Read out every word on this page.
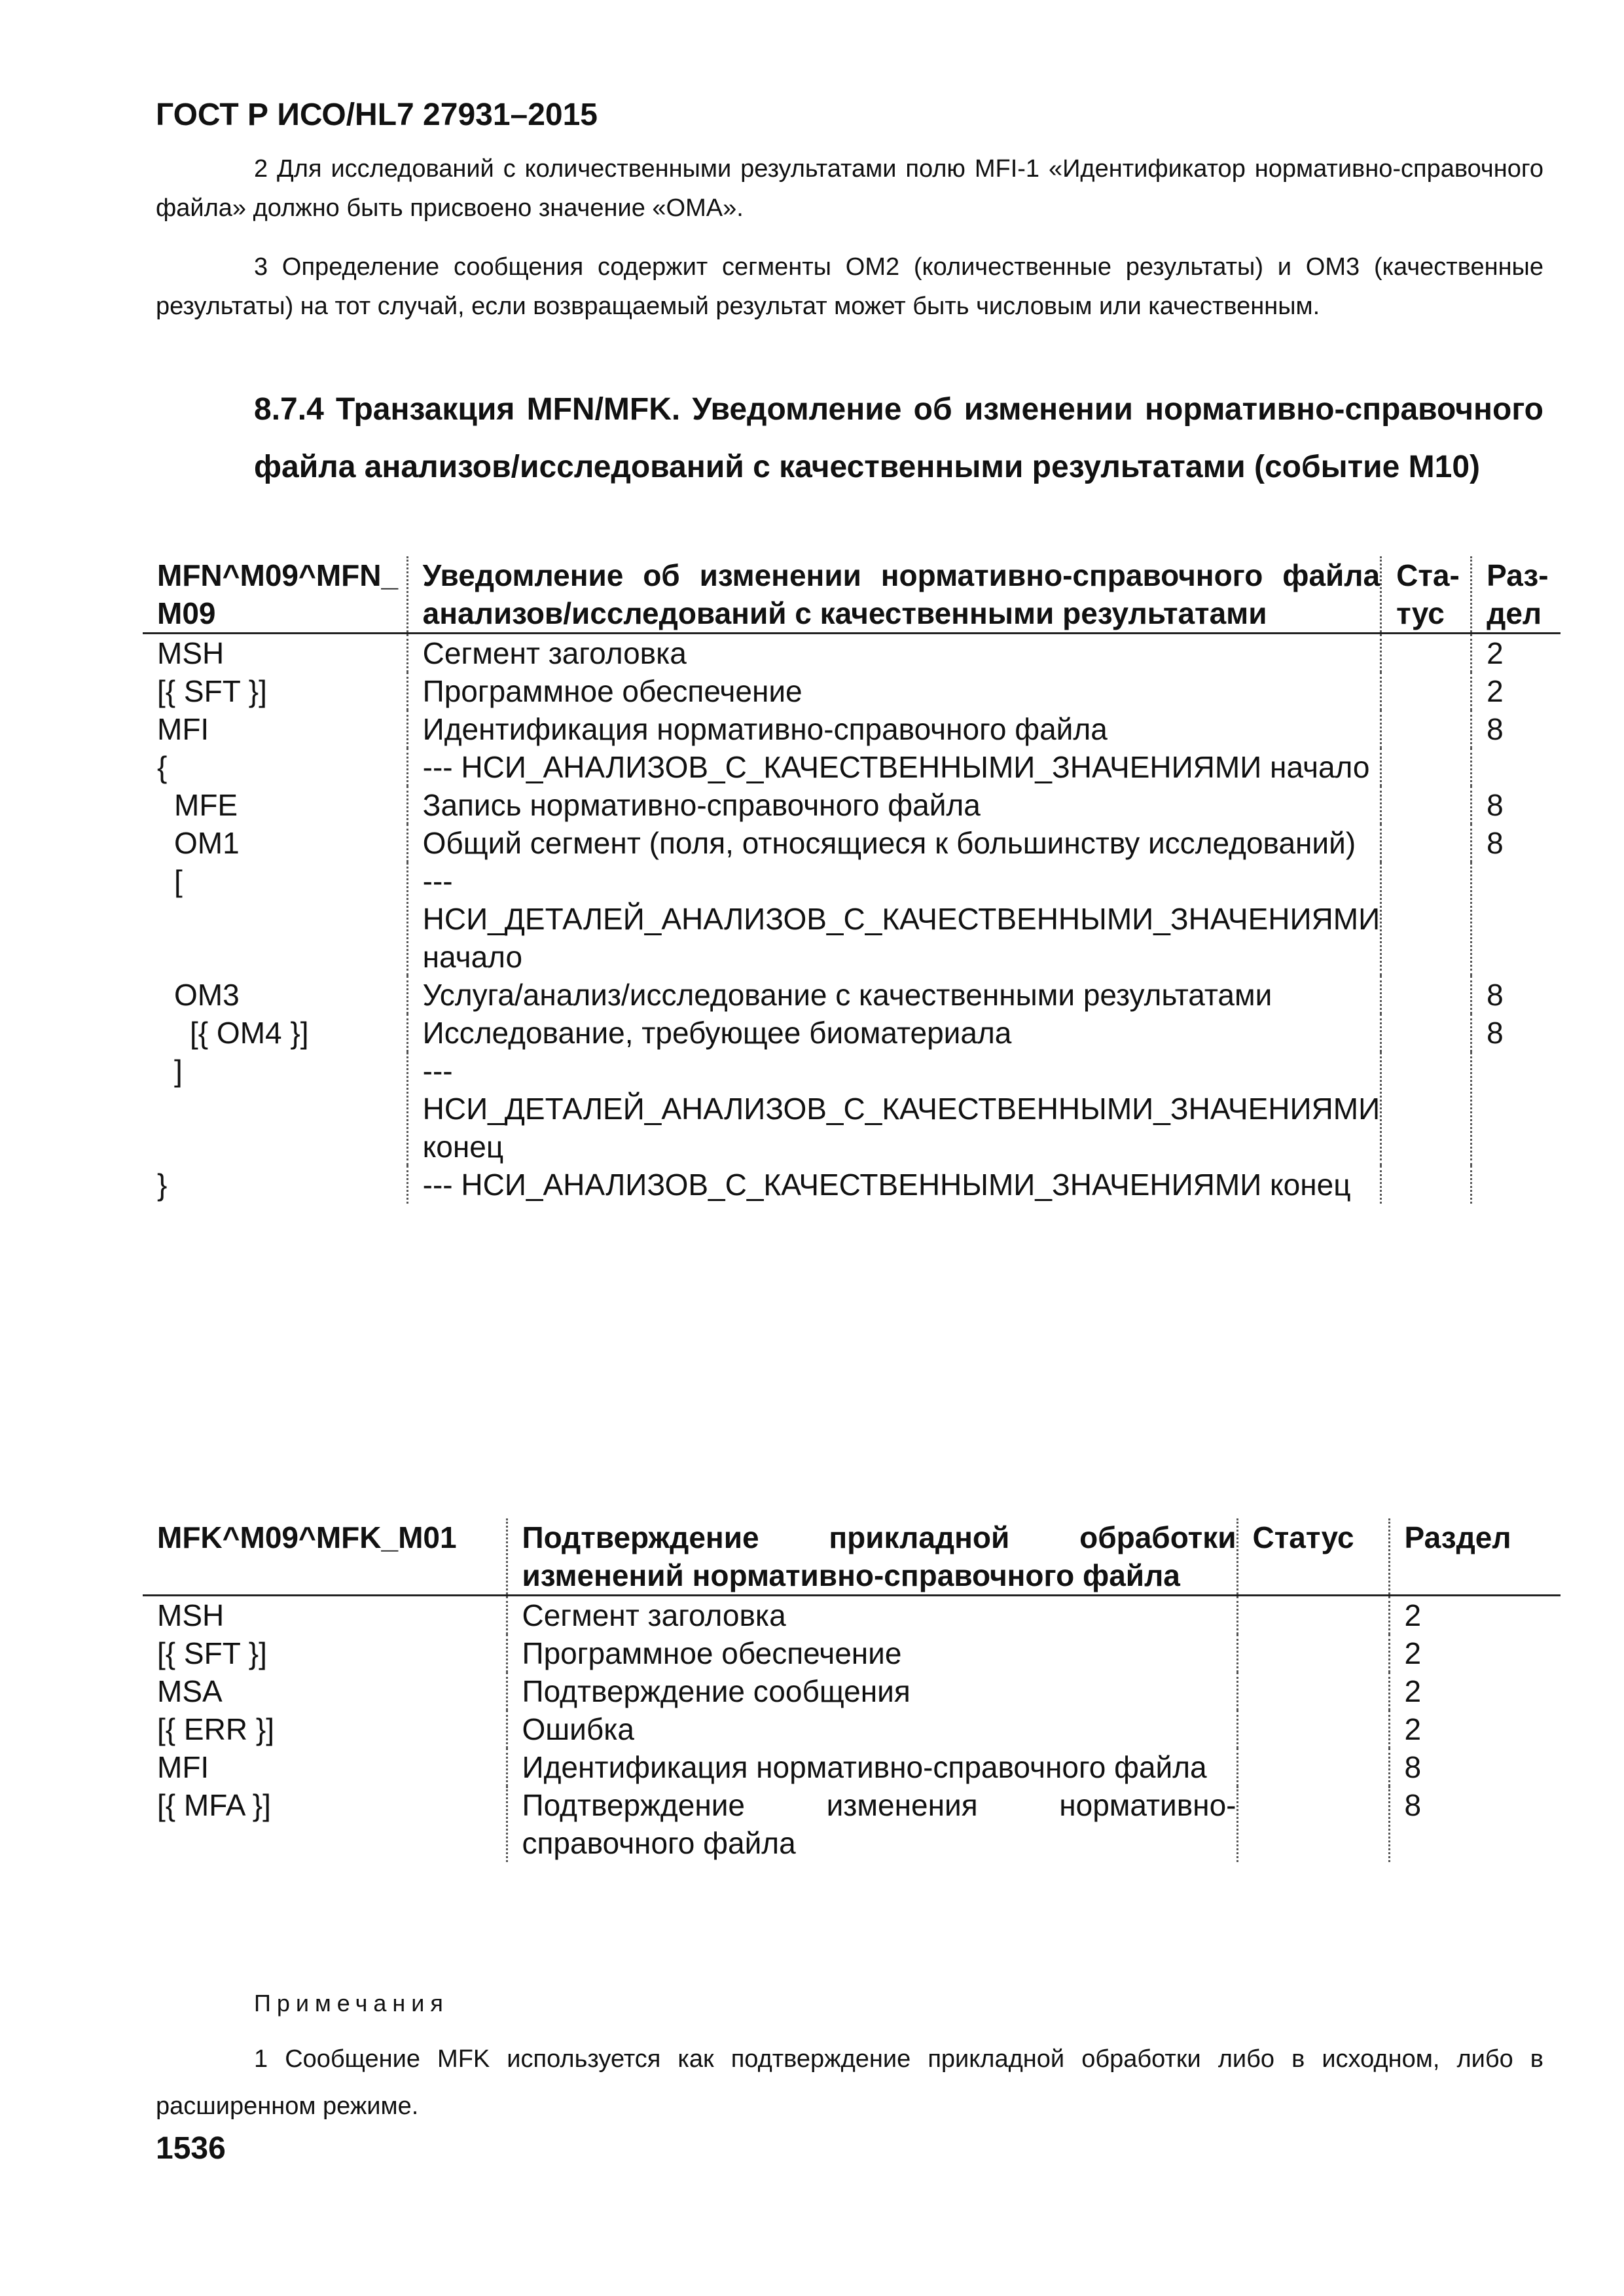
ГОСТ Р ИСО/HL7 27931–2015
2 Для исследований с количественными результатами полю MFI-1 «Идентификатор нормативно-справочного файла» должно быть присвоено значение «OMA».
3 Определение сообщения содержит сегменты OM2 (количественные результаты) и OM3 (качественные результаты) на тот случай, если возвращаемый результат может быть числовым или качественным.
8.7.4 Транзакция MFN/MFK. Уведомление об изменении нормативно-справочного файла анализов/исследований с качественными результатами (событие M10)
MFN^M09^MFN_ M09	Уведомление об изменении нормативно-справочного файла анализов/исследований с качественными результатами	Ста-тус	Раз-дел
MSH	Сегмент заголовка		2
[{ SFT }]	Программное обеспечение		2
MFI	Идентификация нормативно-справочного файла		8
{	--- НСИ_АНАЛИЗОВ_С_КАЧЕСТВЕННЫМИ_ЗНАЧЕНИЯМИ начало		
MFE	Запись нормативно-справочного файла		8
OM1	Общий сегмент (поля, относящиеся к большинству исследований)		8
[	--- НСИ_ДЕТАЛЕЙ_АНАЛИЗОВ_С_КАЧЕСТВЕННЫМИ_ЗНАЧЕНИЯМИ начало		
OM3	Услуга/анализ/исследование с качественными результатами		8
[{ OM4 }]	Исследование, требующее биоматериала		8
]	--- НСИ_ДЕТАЛЕЙ_АНАЛИЗОВ_С_КАЧЕСТВЕННЫМИ_ЗНАЧЕНИЯМИ конец		
}	--- НСИ_АНАЛИЗОВ_С_КАЧЕСТВЕННЫМИ_ЗНАЧЕНИЯМИ конец		
MFK^M09^MFK_M01	Подтверждение прикладной обработки изменений нормативно-справочного файла	Статус	Раздел
MSH	Сегмент заголовка		2
[{ SFT }]	Программное обеспечение		2
MSA	Подтверждение сообщения		2
[{ ERR }]	Ошибка		2
MFI	Идентификация нормативно-справочного файла		8
[{ MFA }]	Подтверждение изменения нормативно-справочного файла		8
Примечания
1 Сообщение MFK используется как подтверждение прикладной обработки либо в исходном, либо в расширенном режиме.
1536
